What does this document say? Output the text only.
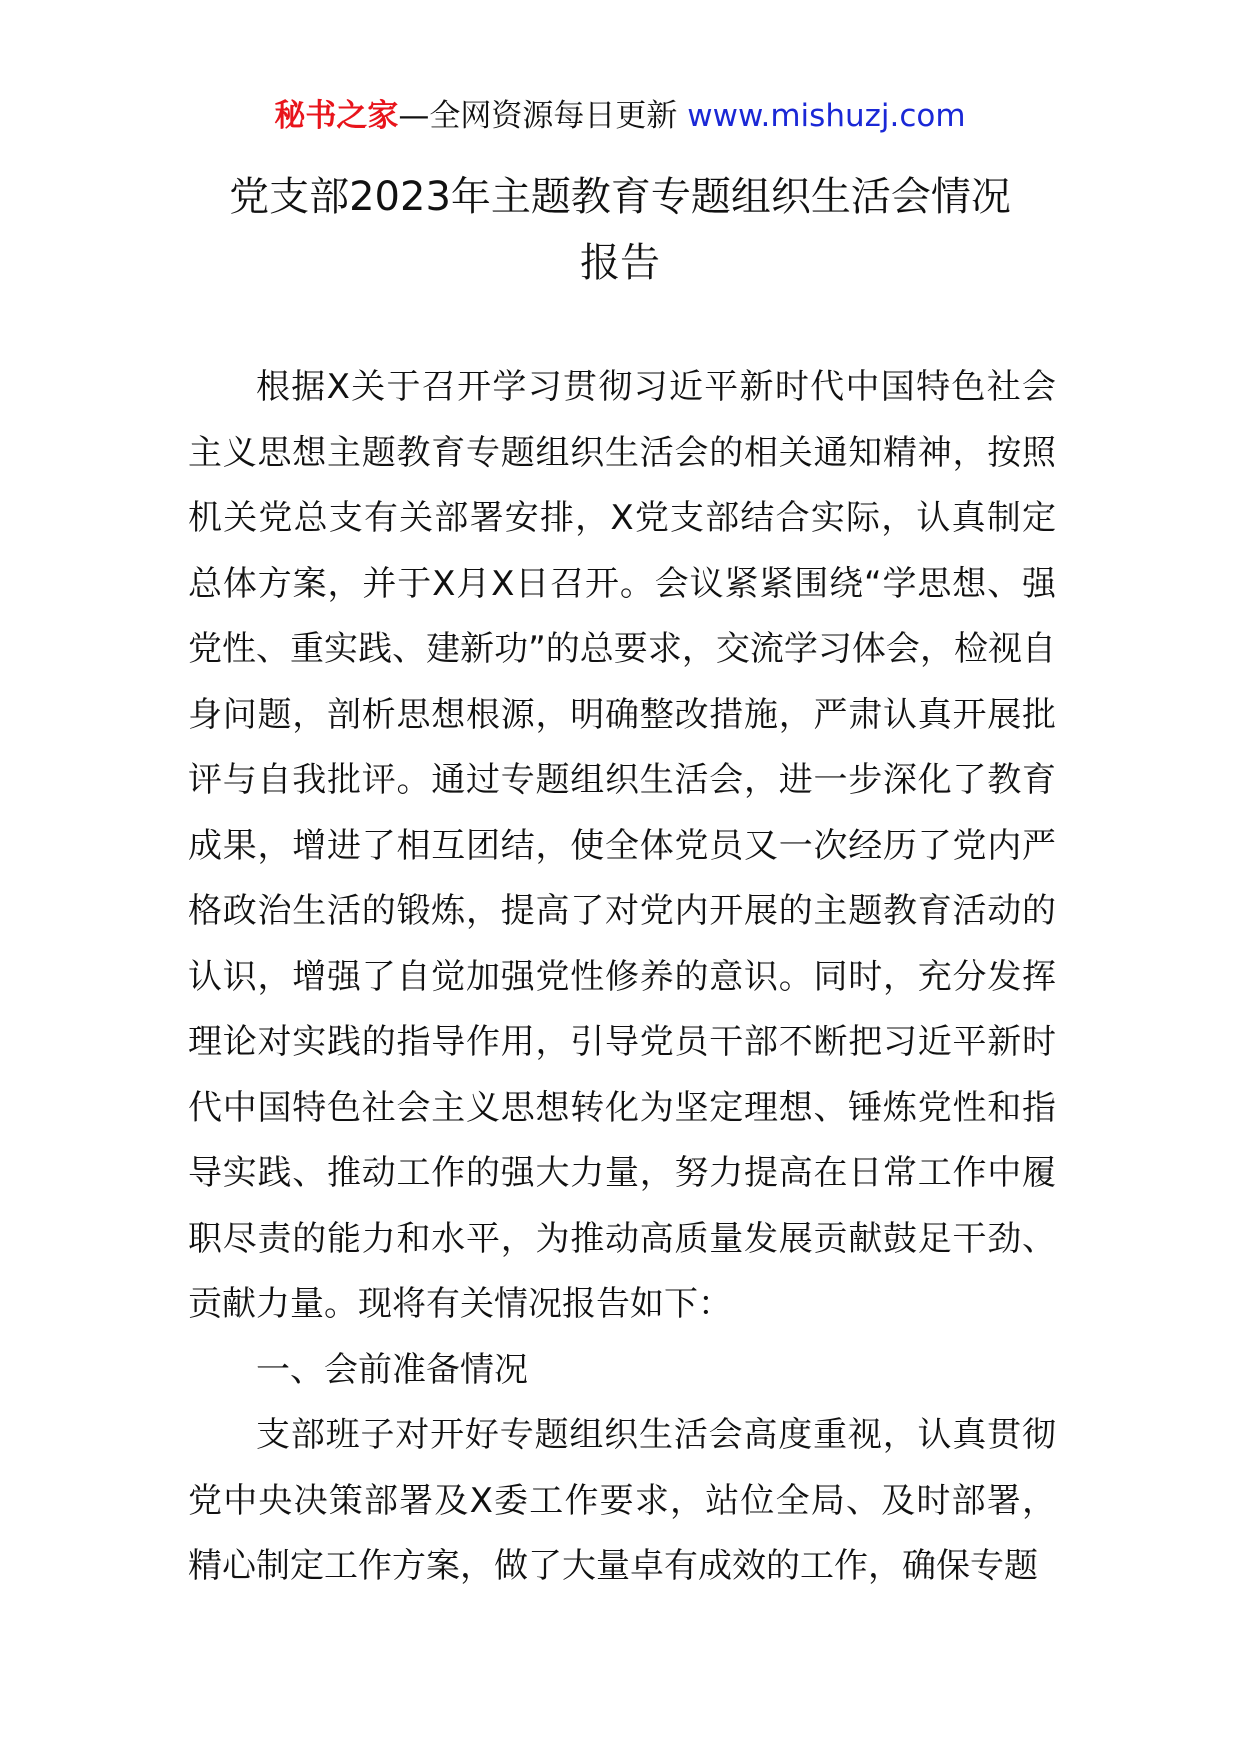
秘书之家—全网资源每日更新 www.mishuzj.com
党支部2023年主题教育专题组织生活会情况
报告

根据X关于召开学习贯彻习近平新时代中国特色社会主义思想主题教育专题组织生活会的相关通知精神，按照机关党总支有关部署安排，X党支部结合实际，认真制定总体方案，并于X月X日召开。会议紧紧围绕“学思想、强党性、重实践、建新功”的总要求，交流学习体会，检视自身问题，剖析思想根源，明确整改措施，严肃认真开展批评与自我批评。通过专题组织生活会，进一步深化了教育成果，增进了相互团结，使全体党员又一次经历了党内严格政治生活的锻炼，提高了对党内开展的主题教育活动的认识，增强了自觉加强党性修养的意识。同时，充分发挥理论对实践的指导作用，引导党员干部不断把习近平新时代中国特色社会主义思想转化为坚定理想、锤炼党性和指导实践、推动工作的强大力量，努力提高在日常工作中履职尽责的能力和水平，为推动高质量发展贡献鼓足干劲、贡献力量。现将有关情况报告如下：

一、会前准备情况

支部班子对开好专题组织生活会高度重视，认真贯彻党中央决策部署及X委工作要求，站位全局、及时部署，精心制定工作方案，做了大量卓有成效的工作，确保专题
